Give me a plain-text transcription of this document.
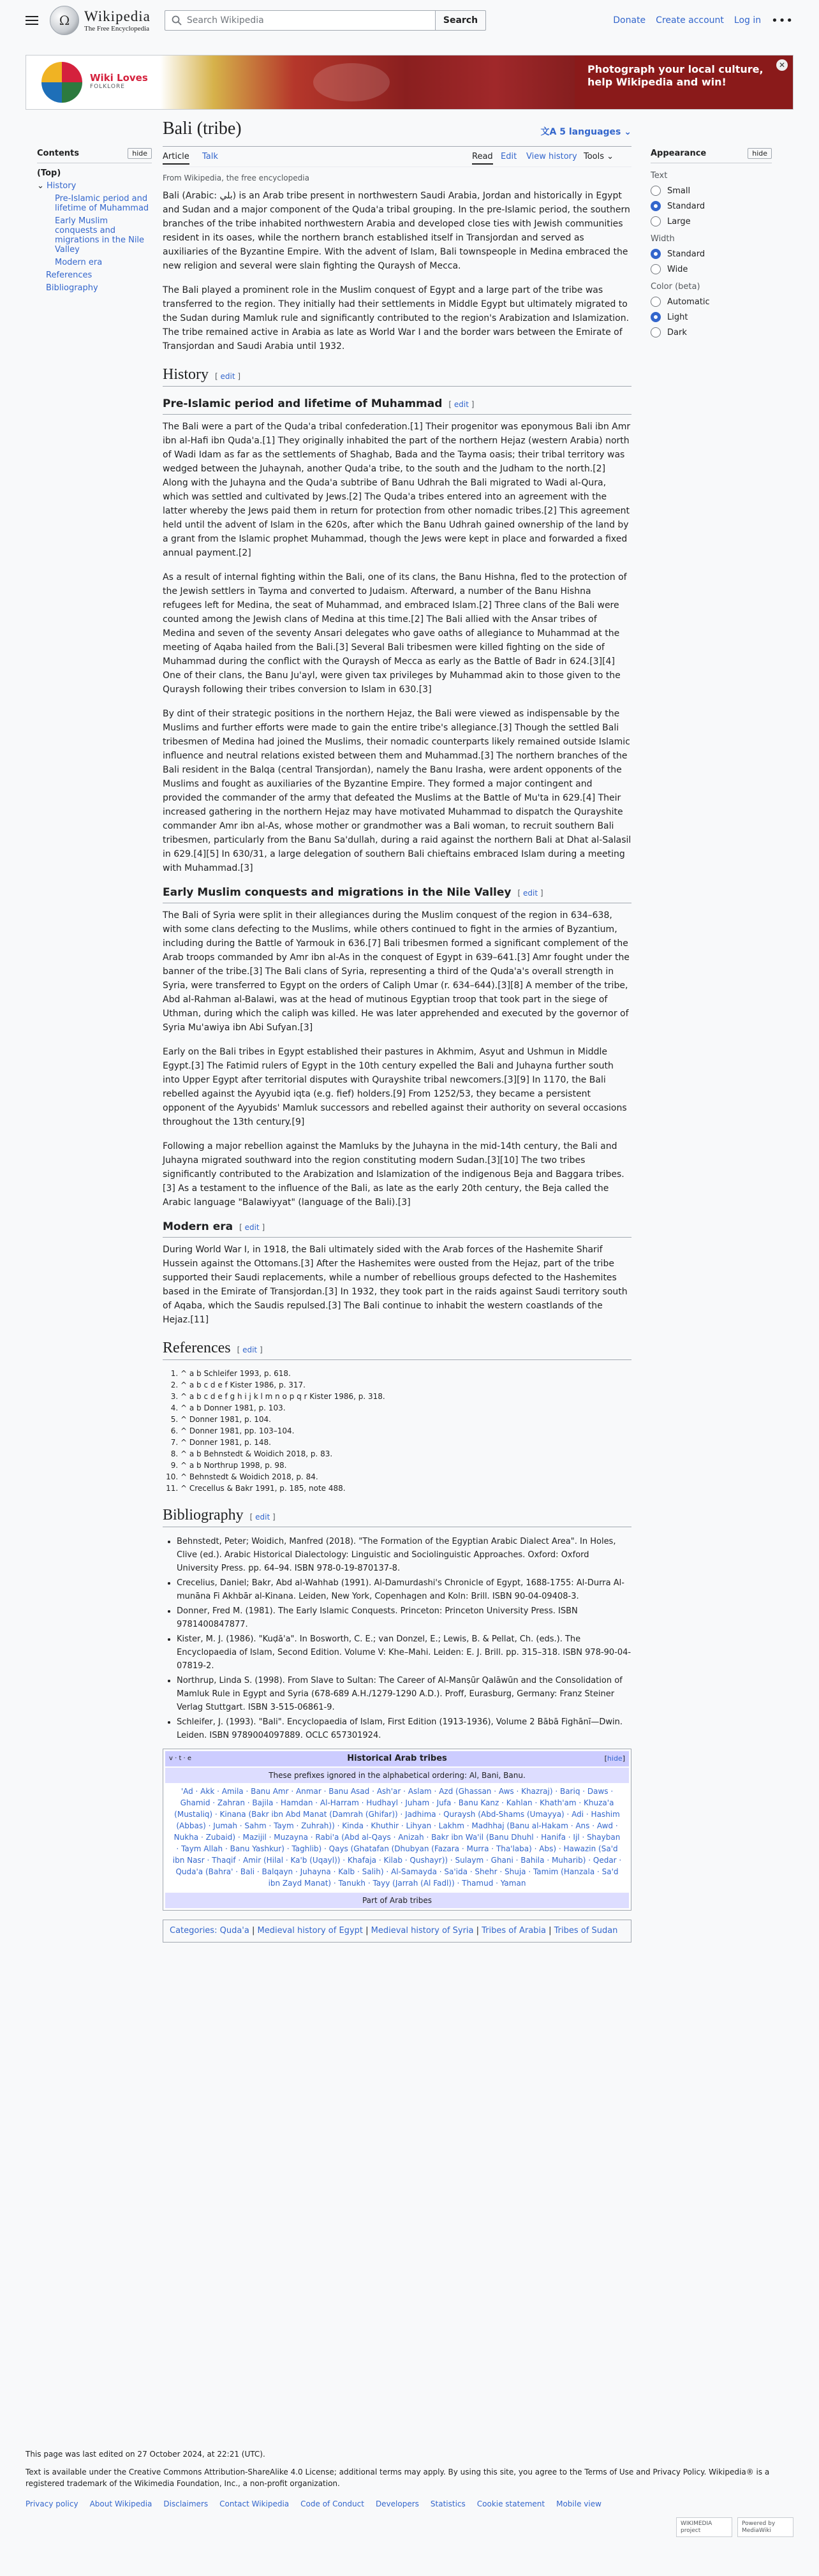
Ω Wikipedia
The Free Encyclopedia
Search Wikipedia	Search	Donate Create account Log in •••
Wiki Loves
FOLKLORE
Photograph your local culture, help Wikipedia and win!
✕
Bali (tribe)	文A 5 languages ⌄
Article Talk	Read Edit View history Tools ⌄
From Wikipedia, the free encyclopedia
Contents	hide
(Top)
⌄ History
Pre-Islamic period and lifetime of Muhammad
Early Muslim conquests and migrations in the Nile Valley
Modern era
References
Bibliography
Appearance	hide
Text
Small
Standard
Large
Width
Standard
Wide
Color (beta)
Automatic
Light
Dark

Bali (Arabic: بلي) is an Arab tribe present in northwestern Saudi Arabia, Jordan and historically in Egypt and Sudan and a major component of the Quda'a tribal grouping. In the pre-Islamic period, the southern branches of the tribe inhabited northwestern Arabia and developed close ties with Jewish communities resident in its oases, while the northern branch established itself in Transjordan and served as auxiliaries of the Byzantine Empire. With the advent of Islam, Bali townspeople in Medina embraced the new religion and several were slain fighting the Quraysh of Mecca.

The Bali played a prominent role in the Muslim conquest of Egypt and a large part of the tribe was transferred to the region. They initially had their settlements in Middle Egypt but ultimately migrated to the Sudan during Mamluk rule and significantly contributed to the region's Arabization and Islamization. The tribe remained active in Arabia as late as World War I and the border wars between the Emirate of Transjordan and Saudi Arabia until 1932.

History [ edit ]
Pre-Islamic period and lifetime of Muhammad [ edit ]

The Bali were a part of the Quda'a tribal confederation.[1] Their progenitor was eponymous Bali ibn Amr ibn al-Hafi ibn Quda'a.[1] They originally inhabited the part of the northern Hejaz (western Arabia) north of Wadi Idam as far as the settlements of Shaghab, Bada and the Tayma oasis; their tribal territory was wedged between the Juhaynah, another Quda'a tribe, to the south and the Judham to the north.[2] Along with the Juhayna and the Quda'a subtribe of Banu Udhrah the Bali migrated to Wadi al-Qura, which was settled and cultivated by Jews.[2] The Quda'a tribes entered into an agreement with the latter whereby the Jews paid them in return for protection from other nomadic tribes.[2] This agreement held until the advent of Islam in the 620s, after which the Banu Udhrah gained ownership of the land by a grant from the Islamic prophet Muhammad, though the Jews were kept in place and forwarded a fixed annual payment.[2]

As a result of internal fighting within the Bali, one of its clans, the Banu Hishna, fled to the protection of the Jewish settlers in Tayma and converted to Judaism. Afterward, a number of the Banu Hishna refugees left for Medina, the seat of Muhammad, and embraced Islam.[2] Three clans of the Bali were counted among the Jewish clans of Medina at this time.[2] The Bali allied with the Ansar tribes of Medina and seven of the seventy Ansari delegates who gave oaths of allegiance to Muhammad at the meeting of Aqaba hailed from the Bali.[3] Several Bali tribesmen were killed fighting on the side of Muhammad during the conflict with the Quraysh of Mecca as early as the Battle of Badr in 624.[3][4] One of their clans, the Banu Ju'ayl, were given tax privileges by Muhammad akin to those given to the Quraysh following their tribes conversion to Islam in 630.[3]

By dint of their strategic positions in the northern Hejaz, the Bali were viewed as indispensable by the Muslims and further efforts were made to gain the entire tribe's allegiance.[3] Though the settled Bali tribesmen of Medina had joined the Muslims, their nomadic counterparts likely remained outside Islamic influence and neutral relations existed between them and Muhammad.[3] The northern branches of the Bali resident in the Balqa (central Transjordan), namely the Banu Irasha, were ardent opponents of the Muslims and fought as auxiliaries of the Byzantine Empire. They formed a major contingent and provided the commander of the army that defeated the Muslims at the Battle of Mu'ta in 629.[4] Their increased gathering in the northern Hejaz may have motivated Muhammad to dispatch the Qurayshite commander Amr ibn al-As, whose mother or grandmother was a Bali woman, to recruit southern Bali tribesmen, particularly from the Banu Sa'dullah, during a raid against the northern Bali at Dhat al-Salasil in 629.[4][5] In 630/31, a large delegation of southern Bali chieftains embraced Islam during a meeting with Muhammad.[3]

Early Muslim conquests and migrations in the Nile Valley [ edit ]

The Bali of Syria were split in their allegiances during the Muslim conquest of the region in 634–638, with some clans defecting to the Muslims, while others continued to fight in the armies of Byzantium, including during the Battle of Yarmouk in 636.[7] Bali tribesmen formed a significant complement of the Arab troops commanded by Amr ibn al-As in the conquest of Egypt in 639–641.[3] Amr fought under the banner of the tribe.[3] The Bali clans of Syria, representing a third of the Quda'a's overall strength in Syria, were transferred to Egypt on the orders of Caliph Umar (r. 634–644).[3][8] A member of the tribe, Abd al-Rahman al-Balawi, was at the head of mutinous Egyptian troop that took part in the siege of Uthman, during which the caliph was killed. He was later apprehended and executed by the governor of Syria Mu'awiya ibn Abi Sufyan.[3]

Early on the Bali tribes in Egypt established their pastures in Akhmim, Asyut and Ushmun in Middle Egypt.[3] The Fatimid rulers of Egypt in the 10th century expelled the Bali and Juhayna further south into Upper Egypt after territorial disputes with Qurayshite tribal newcomers.[3][9] In 1170, the Bali rebelled against the Ayyubid iqta (e.g. fief) holders.[9] From 1252/53, they became a persistent opponent of the Ayyubids' Mamluk successors and rebelled against their authority on several occasions throughout the 13th century.[9]

Following a major rebellion against the Mamluks by the Juhayna in the mid-14th century, the Bali and Juhayna migrated southward into the region constituting modern Sudan.[3][10] The two tribes significantly contributed to the Arabization and Islamization of the indigenous Beja and Baggara tribes.[3] As a testament to the influence of the Bali, as late as the early 20th century, the Beja called the Arabic language "Balawiyyat" (language of the Bali).[3]

Modern era [ edit ]

During World War I, in 1918, the Bali ultimately sided with the Arab forces of the Hashemite Sharif Hussein against the Ottomans.[3] After the Hashemites were ousted from the Hejaz, part of the tribe supported their Saudi replacements, while a number of rebellious groups defected to the Hashemites based in the Emirate of Transjordan.[3] In 1932, they took part in the raids against Saudi territory south of Aqaba, which the Saudis repulsed.[3] The Bali continue to inhabit the western coastlands of the Hejaz.[11]

References [ edit ]
1. ^ a b Schleifer 1993, p. 618.
2. ^ a b c d e f Kister 1986, p. 317.
3. ^ a b c d e f g h i j k l m n o p q r Kister 1986, p. 318.
4. ^ a b Donner 1981, p. 103.
5. ^ Donner 1981, p. 104.
6. ^ Donner 1981, pp. 103–104.
7. ^ Donner 1981, p. 148.
8. ^ a b Behnstedt & Woidich 2018, p. 83.
9. ^ a b Northrup 1998, p. 98.
10. ^ Behnstedt & Woidich 2018, p. 84.
11. ^ Crecellus & Bakr 1991, p. 185, note 488.
Bibliography [ edit ]
• Behnstedt, Peter; Woidich, Manfred (2018). "The Formation of the Egyptian Arabic Dialect Area". In Holes, Clive (ed.). Arabic Historical Dialectology: Linguistic and Sociolinguistic Approaches. Oxford: Oxford University Press. pp. 64–94. ISBN 978-0-19-870137-8.
• Crecelius, Daniel; Bakr, Abd al-Wahhab (1991). Al-Damurdashi's Chronicle of Egypt, 1688-1755: Al-Durra Al-munāna Fi Akhbār al-Kinana. Leiden, New York, Copenhagen and Koln: Brill. ISBN 90-04-09408-3.
• Donner, Fred M. (1981). The Early Islamic Conquests. Princeton: Princeton University Press. ISBN 9781400847877.
• Kister, M. J. (1986). "Kuḍā'a". In Bosworth, C. E.; van Donzel, E.; Lewis, B. & Pellat, Ch. (eds.). The Encyclopaedia of Islam, Second Edition. Volume V: Khe–Mahi. Leiden: E. J. Brill. pp. 315–318. ISBN 978-90-04-07819-2.
• Northrup, Linda S. (1998). From Slave to Sultan: The Career of Al-Manṣūr Qalāwūn and the Consolidation of Mamluk Rule in Egypt and Syria (678-689 A.H./1279-1290 A.D.). Proff, Eurasburg, Germany: Franz Steiner Verlag Stuttgart. ISBN 3-515-06861-9.
• Schleifer, J. (1993). "Bali". Encyclopaedia of Islam, First Edition (1913-1936), Volume 2 Bābā Fighānī—Dwin. Leiden. ISBN 9789004097889. OCLC 657301924.
v · t · e	Historical Arab tribes	[hide]
These prefixes ignored in the alphabetical ordering: Al, Bani, Banu.
'Ad · Akk · Amila · Banu Amr · Anmar · Banu Asad · Ash'ar · Aslam · Azd (Ghassan · Aws · Khazraj) · Bariq · Daws · Ghamid · Zahran · Bajila · Hamdan · Al-Harram · Hudhayl · Juham · Jufa · Banu Kanz · Kahlan · Khath'am · Khuza'a (Mustaliq) · Kinana (Bakr ibn Abd Manat (Damrah (Ghifar)) · Jadhima · Quraysh (Abd-Shams (Umayya) · Adi · Hashim (Abbas) · Jumah · Sahm · Taym · Zuhrah)) · Kinda · Khuthir · Lihyan · Lakhm · Madhhaj (Banu al-Hakam · Ans · Awd · Nukha · Zubaid) · Mazijil · Muzayna · Rabi'a (Abd al-Qays · Anizah · Bakr ibn Wa'il (Banu Dhuhl · Hanifa · Ijl · Shayban · Taym Allah · Banu Yashkur) · Taghlib) · Qays (Ghatafan (Dhubyan (Fazara · Murra · Tha'laba) · Abs) · Hawazin (Sa'd ibn Nasr · Thaqif · Amir (Hilal · Ka'b (Uqayl)) · Khafaja · Kilab · Qushayr)) · Sulaym · Ghani · Bahila · Muharib) · Qedar · Quda'a (Bahra' · Bali · Balqayn · Juhayna · Kalb · Salih) · Al-Samayda · Sa'ida · Shehr · Shuja · Tamim (Hanzala · Sa'd ibn Zayd Manat) · Tanukh · Tayy (Jarrah (Al Fadl)) · Thamud · Yaman
Part of Arab tribes
Categories: Quda'a | Medieval history of Egypt | Medieval history of Syria | Tribes of Arabia | Tribes of Sudan
This page was last edited on 27 October 2024, at 22:21 (UTC).
Text is available under the Creative Commons Attribution-ShareAlike 4.0 License; additional terms may apply. By using this site, you agree to the Terms of Use and Privacy Policy. Wikipedia® is a registered trademark of the Wikimedia Foundation, Inc., a non-profit organization.
Privacy policy About Wikipedia Disclaimers Contact Wikipedia Code of Conduct Developers Statistics Cookie statement Mobile view
WIKIMEDIA project
Powered by MediaWiki
